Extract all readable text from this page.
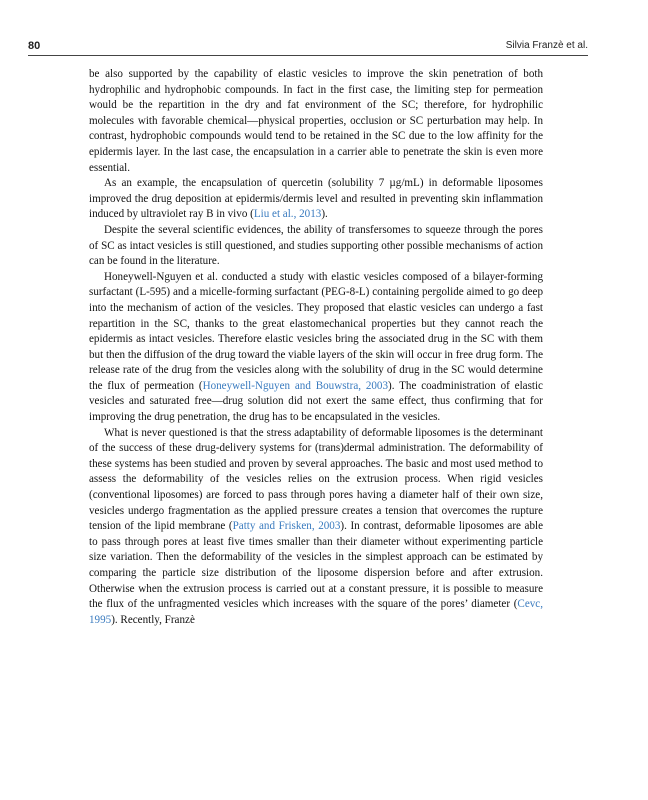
80	Silvia Franzè et al.

be also supported by the capability of elastic vesicles to improve the skin penetration of both hydrophilic and hydrophobic compounds. In fact in the first case, the limiting step for permeation would be the repartition in the dry and fat environment of the SC; therefore, for hydrophilic molecules with favorable chemical—physical properties, occlusion or SC perturbation may help. In contrast, hydrophobic compounds would tend to be retained in the SC due to the low affinity for the epidermis layer. In the last case, the encapsulation in a carrier able to penetrate the skin is even more essential.

As an example, the encapsulation of quercetin (solubility 7 µg/mL) in deformable liposomes improved the drug deposition at epidermis/dermis level and resulted in preventing skin inflammation induced by ultraviolet ray B in vivo (Liu et al., 2013).

Despite the several scientific evidences, the ability of transfersomes to squeeze through the pores of SC as intact vesicles is still questioned, and studies supporting other possible mechanisms of action can be found in the literature.

Honeywell-Nguyen et al. conducted a study with elastic vesicles composed of a bilayer-forming surfactant (L-595) and a micelle-forming surfactant (PEG-8-L) containing pergolide aimed to go deep into the mechanism of action of the vesicles. They proposed that elastic vesicles can undergo a fast repartition in the SC, thanks to the great elastomechanical properties but they cannot reach the epidermis as intact vesicles. Therefore elastic vesicles bring the associated drug in the SC with them but then the diffusion of the drug toward the viable layers of the skin will occur in free drug form. The release rate of the drug from the vesicles along with the solubility of drug in the SC would determine the flux of permeation (Honeywell-Nguyen and Bouwstra, 2003). The coadministration of elastic vesicles and saturated free—drug solution did not exert the same effect, thus confirming that for improving the drug penetration, the drug has to be encapsulated in the vesicles.

What is never questioned is that the stress adaptability of deformable liposomes is the determinant of the success of these drug-delivery systems for (trans)dermal administration. The deformability of these systems has been studied and proven by several approaches. The basic and most used method to assess the deformability of the vesicles relies on the extrusion process. When rigid vesicles (conventional liposomes) are forced to pass through pores having a diameter half of their own size, vesicles undergo fragmentation as the applied pressure creates a tension that overcomes the rupture tension of the lipid membrane (Patty and Frisken, 2003). In contrast, deformable liposomes are able to pass through pores at least five times smaller than their diameter without experimenting particle size variation. Then the deformability of the vesicles in the simplest approach can be estimated by comparing the particle size distribution of the liposome dispersion before and after extrusion. Otherwise when the extrusion process is carried out at a constant pressure, it is possible to measure the flux of the unfragmented vesicles which increases with the square of the pores’ diameter (Cevc, 1995). Recently, Franzè
